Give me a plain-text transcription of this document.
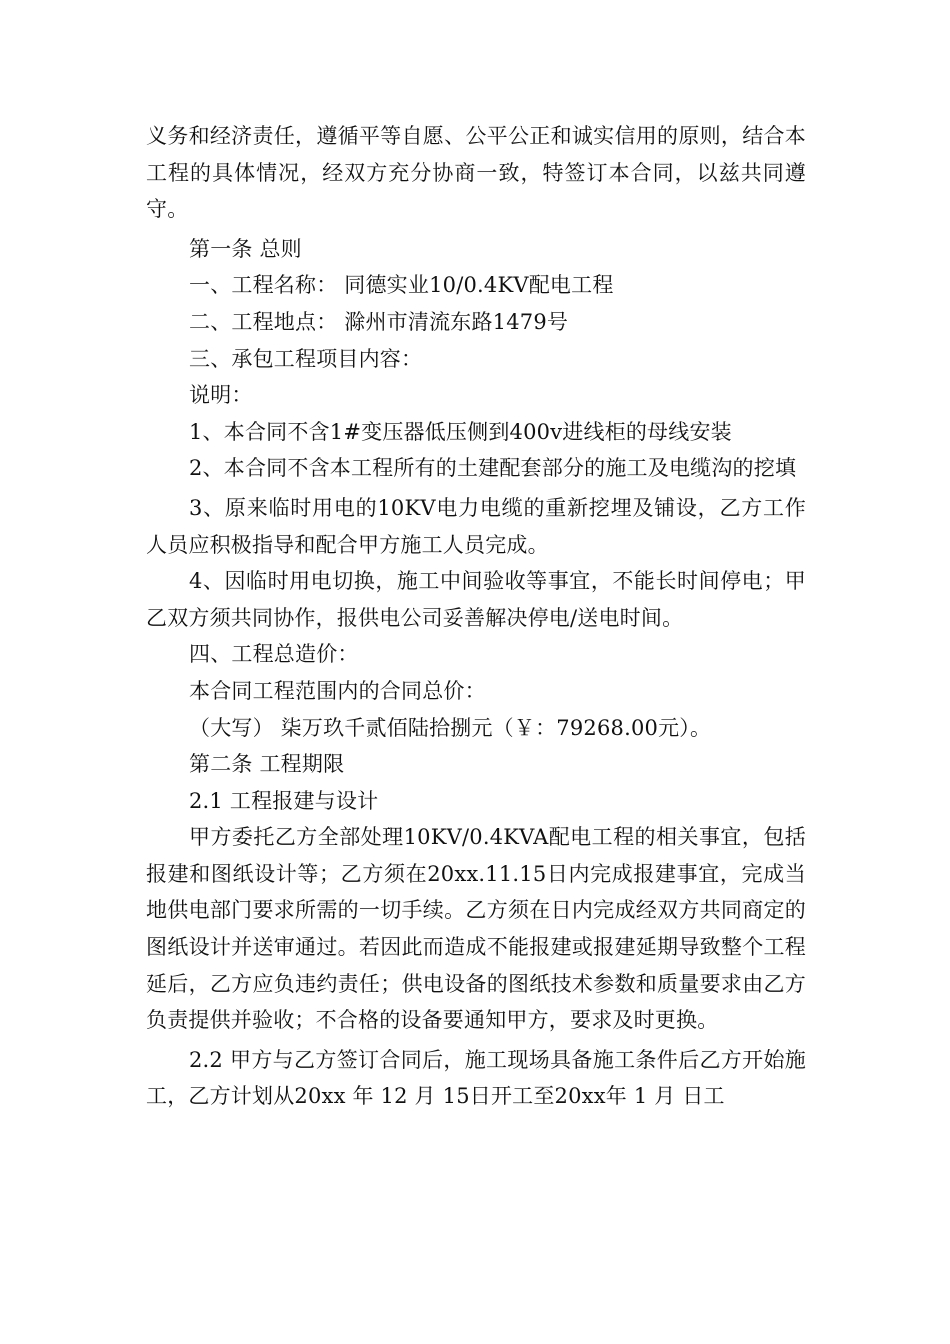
义务和经济责任，遵循平等自愿、公平公正和诚实信用的原则，结合本工程的具体情况，经双方充分协商一致，特签订本合同，以兹共同遵守。

第一条 总则

一、工程名称： 同德实业10/0.4KV配电工程

二、工程地点： 滁州市清流东路1479号

三、承包工程项目内容：

说明：

1、本合同不含1#变压器低压侧到400v进线柜的母线安装

2、本合同不含本工程所有的土建配套部分的施工及电缆沟的挖填

3、原来临时用电的10KV电力电缆的重新挖埋及铺设，乙方工作人员应积极指导和配合甲方施工人员完成。

4、因临时用电切换，施工中间验收等事宜，不能长时间停电；甲乙双方须共同协作，报供电公司妥善解决停电/送电时间。

四、工程总造价：

本合同工程范围内的合同总价：

（大写） 柒万玖千贰佰陆拾捌元（￥：79268.00元）。

第二条 工程期限

2.1 工程报建与设计

甲方委托乙方全部处理10KV/0.4KVA配电工程的相关事宜，包括报建和图纸设计等；乙方须在20xx.11.15日内完成报建事宜，完成当地供电部门要求所需的一切手续。乙方须在日内完成经双方共同商定的图纸设计并送审通过。若因此而造成不能报建或报建延期导致整个工程延后，乙方应负违约责任；供电设备的图纸技术参数和质量要求由乙方负责提供并验收；不合格的设备要通知甲方，要求及时更换。

2.2 甲方与乙方签订合同后，施工现场具备施工条件后乙方开始施工，乙方计划从20xx 年 12 月 15日开工至20xx年 1 月 日工
